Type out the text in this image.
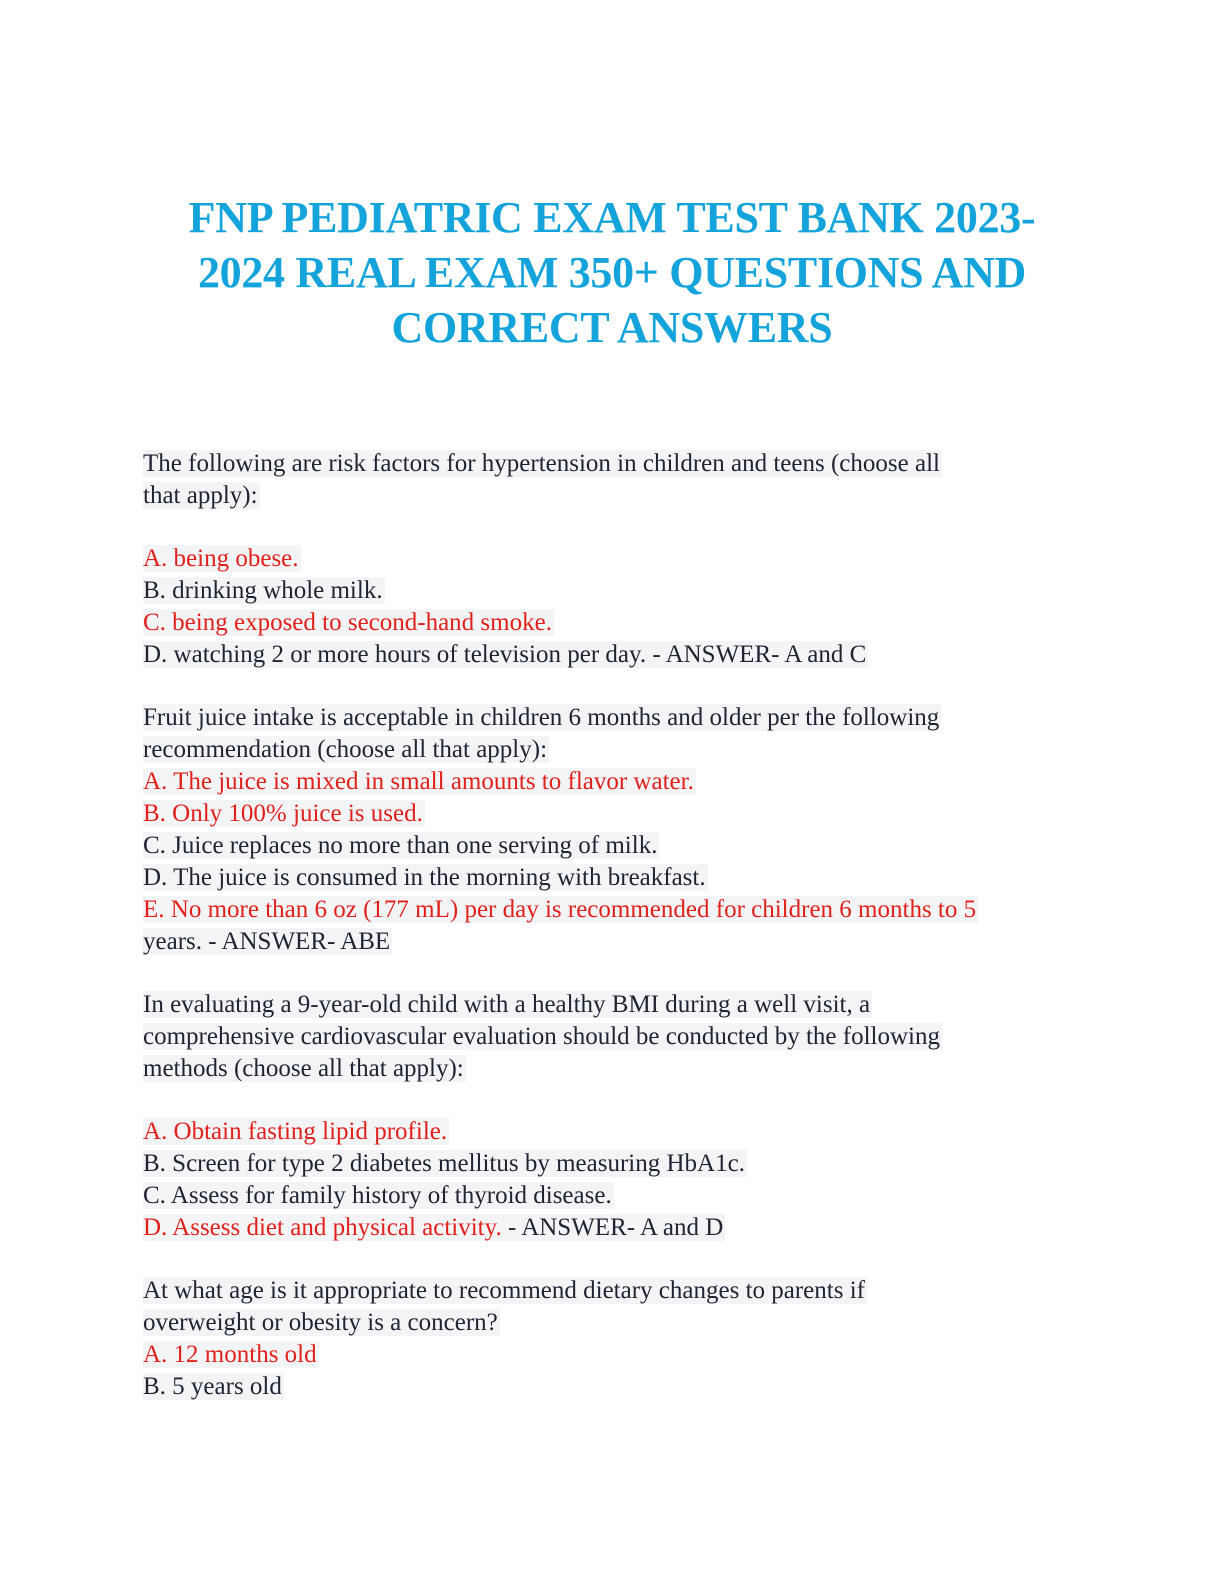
FNP PEDIATRIC EXAM TEST BANK 2023-
2024 REAL EXAM 350+ QUESTIONS AND
CORRECT ANSWERS
The following are risk factors for hypertension in children and teens (choose all
that apply):
A. being obese.
B. drinking whole milk.
C. being exposed to second-hand smoke.
D. watching 2 or more hours of television per day. - ANSWER- A and C
Fruit juice intake is acceptable in children 6 months and older per the following
recommendation (choose all that apply):
A. The juice is mixed in small amounts to flavor water.
B. Only 100% juice is used.
C. Juice replaces no more than one serving of milk.
D. The juice is consumed in the morning with breakfast.
E. No more than 6 oz (177 mL) per day is recommended for children 6 months to 5
years. - ANSWER- ABE
In evaluating a 9-year-old child with a healthy BMI during a well visit, a
comprehensive cardiovascular evaluation should be conducted by the following
methods (choose all that apply):
A. Obtain fasting lipid profile.
B. Screen for type 2 diabetes mellitus by measuring HbA1c.
C. Assess for family history of thyroid disease.
D. Assess diet and physical activity. - ANSWER- A and D
At what age is it appropriate to recommend dietary changes to parents if
overweight or obesity is a concern?
A. 12 months old
B. 5 years old
